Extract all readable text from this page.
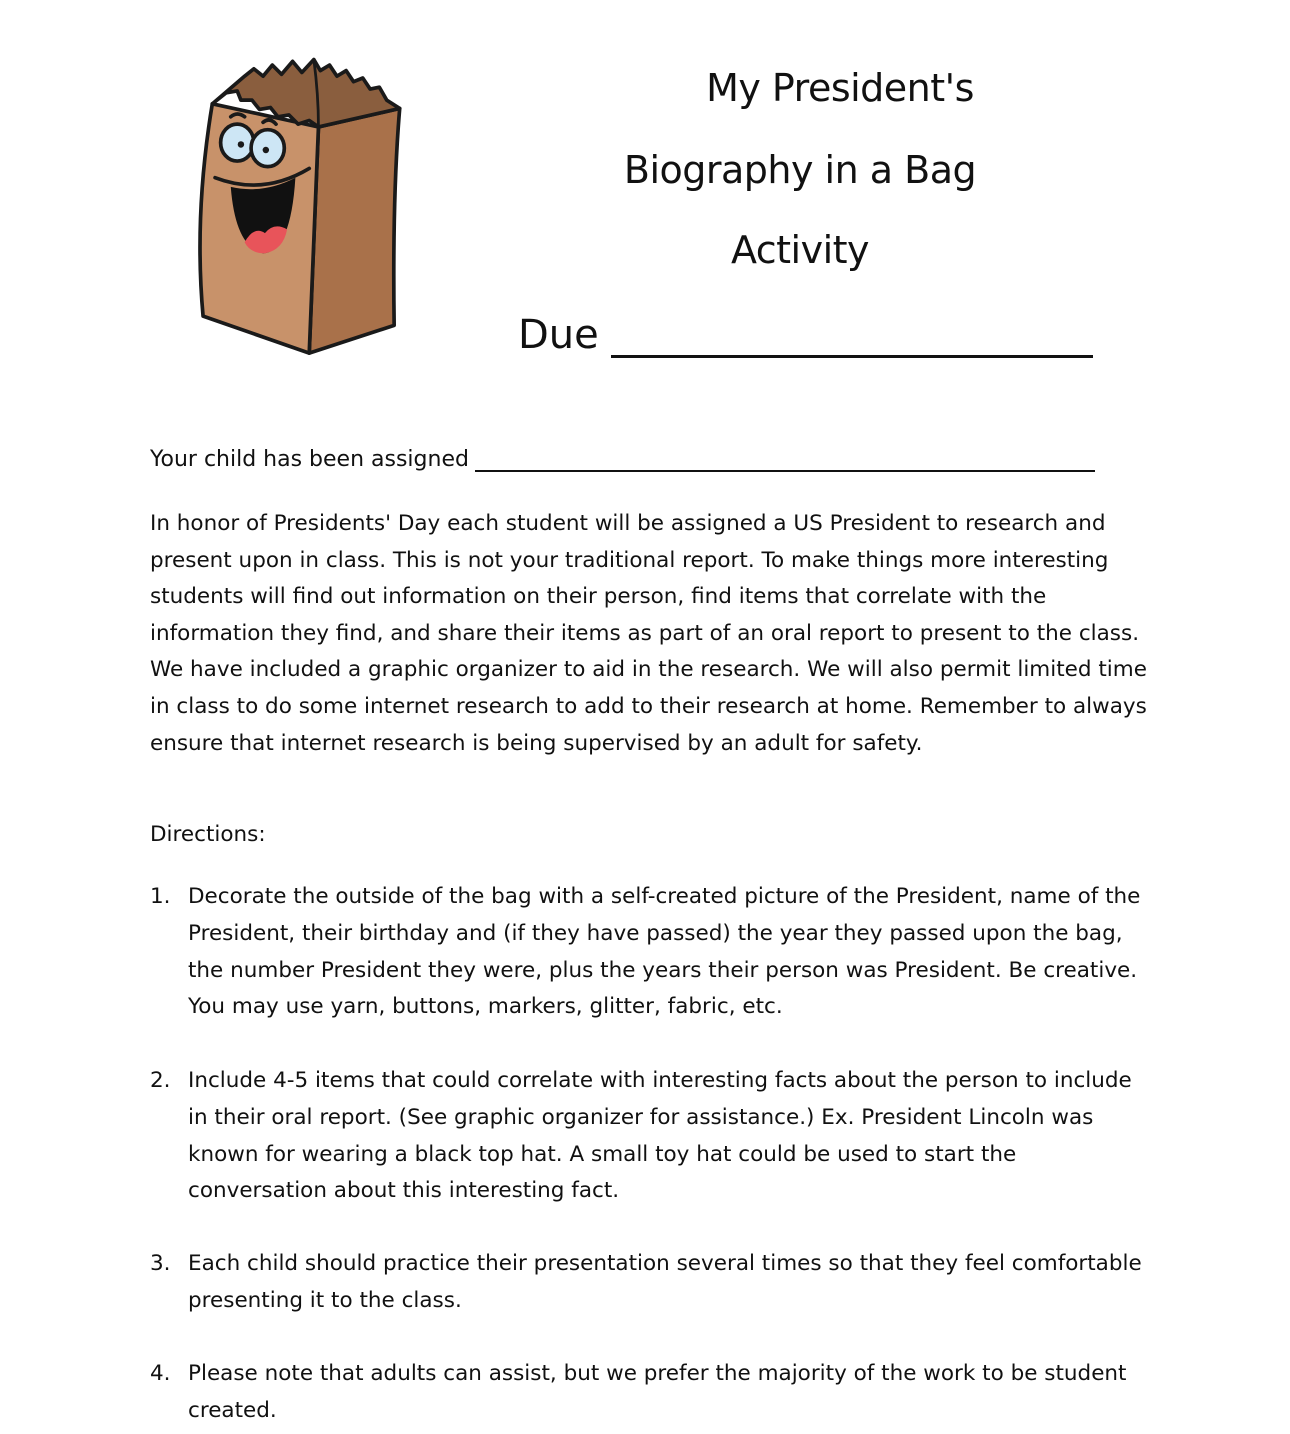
My President's
Biography in a Bag
Activity
Due
Your child has been assigned

In honor of Presidents' Day each student will be assigned a US President to research and present upon in class. This is not your traditional report. To make things more interesting students will find out information on their person, find items that correlate with the information they find, and share their items as part of an oral report to present to the class. We have included a graphic organizer to aid in the research. We will also permit limited time in class to do some internet research to add to their research at home. Remember to always ensure that internet research is being supervised by an adult for safety.

Directions:
1. Decorate the outside of the bag with a self-created picture of the President, name of the President, their birthday and (if they have passed) the year they passed upon the bag, the number President they were, plus the years their person was President. Be creative. You may use yarn, buttons, markers, glitter, fabric, etc.
2. Include 4-5 items that could correlate with interesting facts about the person to include in their oral report. (See graphic organizer for assistance.) Ex. President Lincoln was known for wearing a black top hat. A small toy hat could be used to start the conversation about this interesting fact.
3. Each child should practice their presentation several times so that they feel comfortable presenting it to the class.
4. Please note that adults can assist, but we prefer the majority of the work to be student created.
